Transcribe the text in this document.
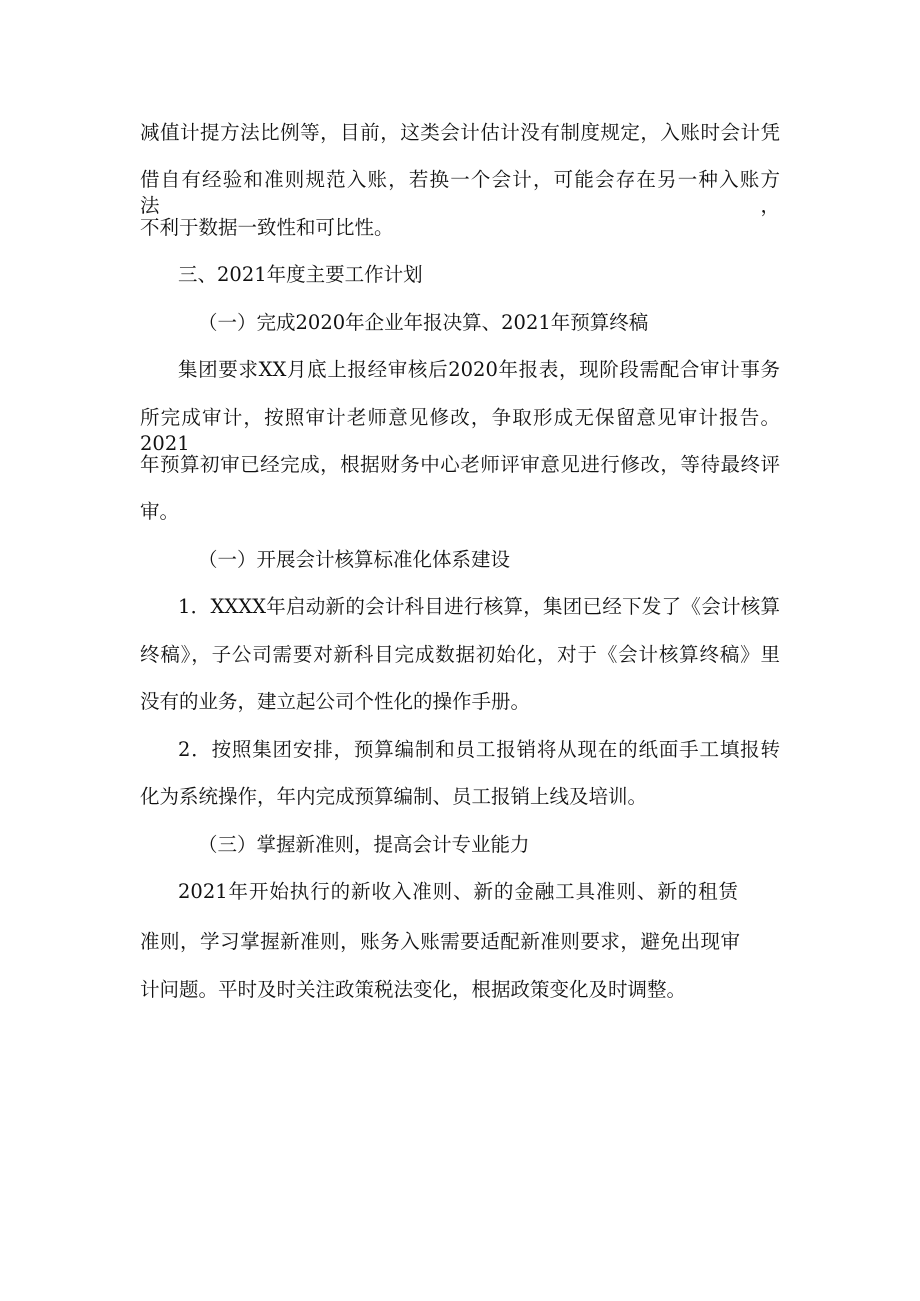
减值计提方法比例等，目前，这类会计估计没有制度规定，入账时会计凭
借自有经验和准则规范入账，若换一个会计，可能会存在另一种入账方法，
不利于数据一致性和可比性。
三、2021年度主要工作计划
（一）完成2020年企业年报决算、2021年预算终稿
集团要求XX月底上报经审核后2020年报表，现阶段需配合审计事务
所完成审计，按照审计老师意见修改，争取形成无保留意见审计报告。2021
年预算初审已经完成，根据财务中心老师评审意见进行修改，等待最终评
审。
（一）开展会计核算标准化体系建设
1．XXXX年启动新的会计科目进行核算，集团已经下发了《会计核算
终稿》，子公司需要对新科目完成数据初始化，对于《会计核算终稿》里
没有的业务，建立起公司个性化的操作手册。
2．按照集团安排，预算编制和员工报销将从现在的纸面手工填报转
化为系统操作，年内完成预算编制、员工报销上线及培训。
（三）掌握新准则，提高会计专业能力
2021年开始执行的新收入准则、新的金融工具准则、新的租赁
准则，学习掌握新准则，账务入账需要适配新准则要求，避免出现审
计问题。平时及时关注政策税法变化，根据政策变化及时调整。
